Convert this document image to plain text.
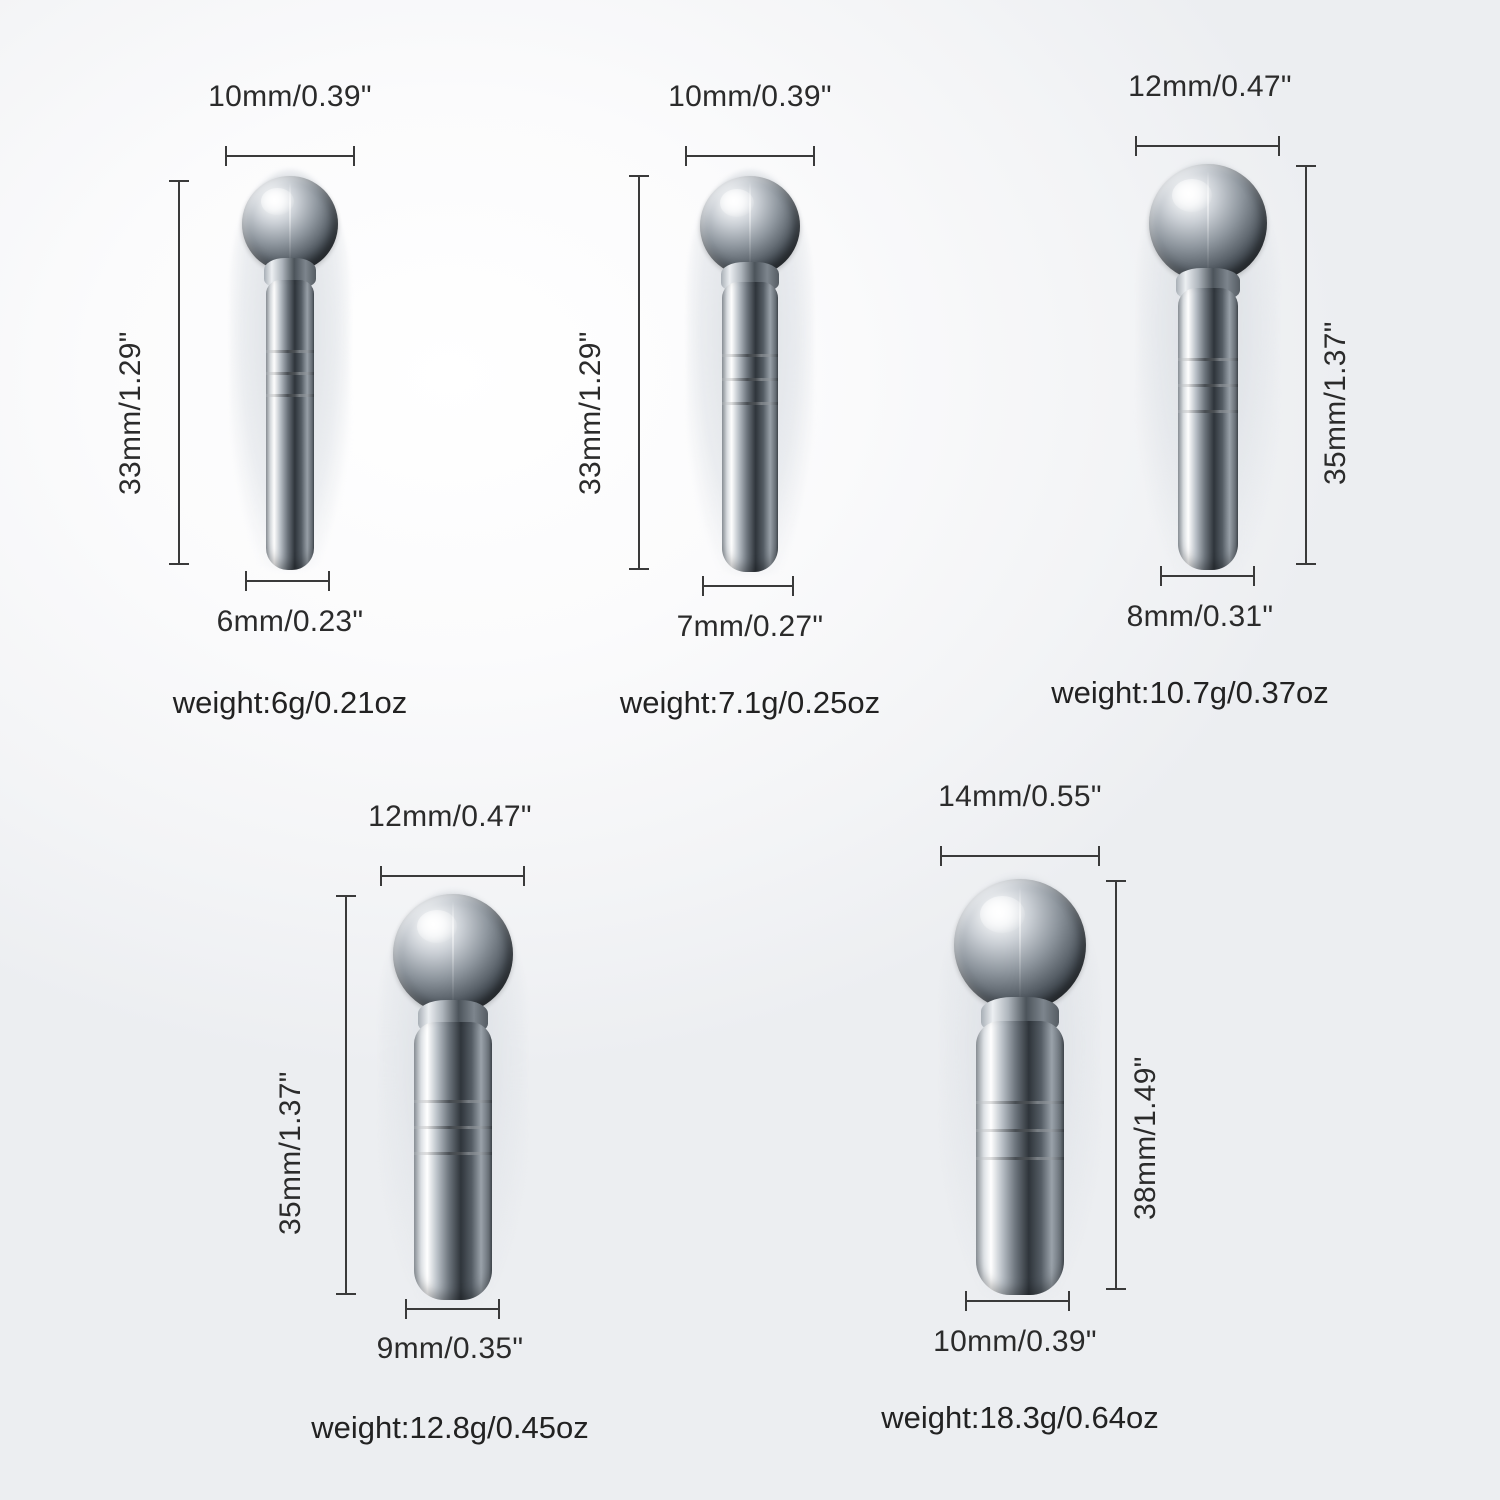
10mm/0.39"
33mm/1.29"
6mm/0.23"
weight:6g/0.21oz
10mm/0.39"
33mm/1.29"
7mm/0.27"
weight:7.1g/0.25oz
12mm/0.47"
35mm/1.37"
8mm/0.31"
weight:10.7g/0.37oz
12mm/0.47"
35mm/1.37"
9mm/0.35"
weight:12.8g/0.45oz
14mm/0.55"
38mm/1.49"
10mm/0.39"
weight:18.3g/0.64oz
